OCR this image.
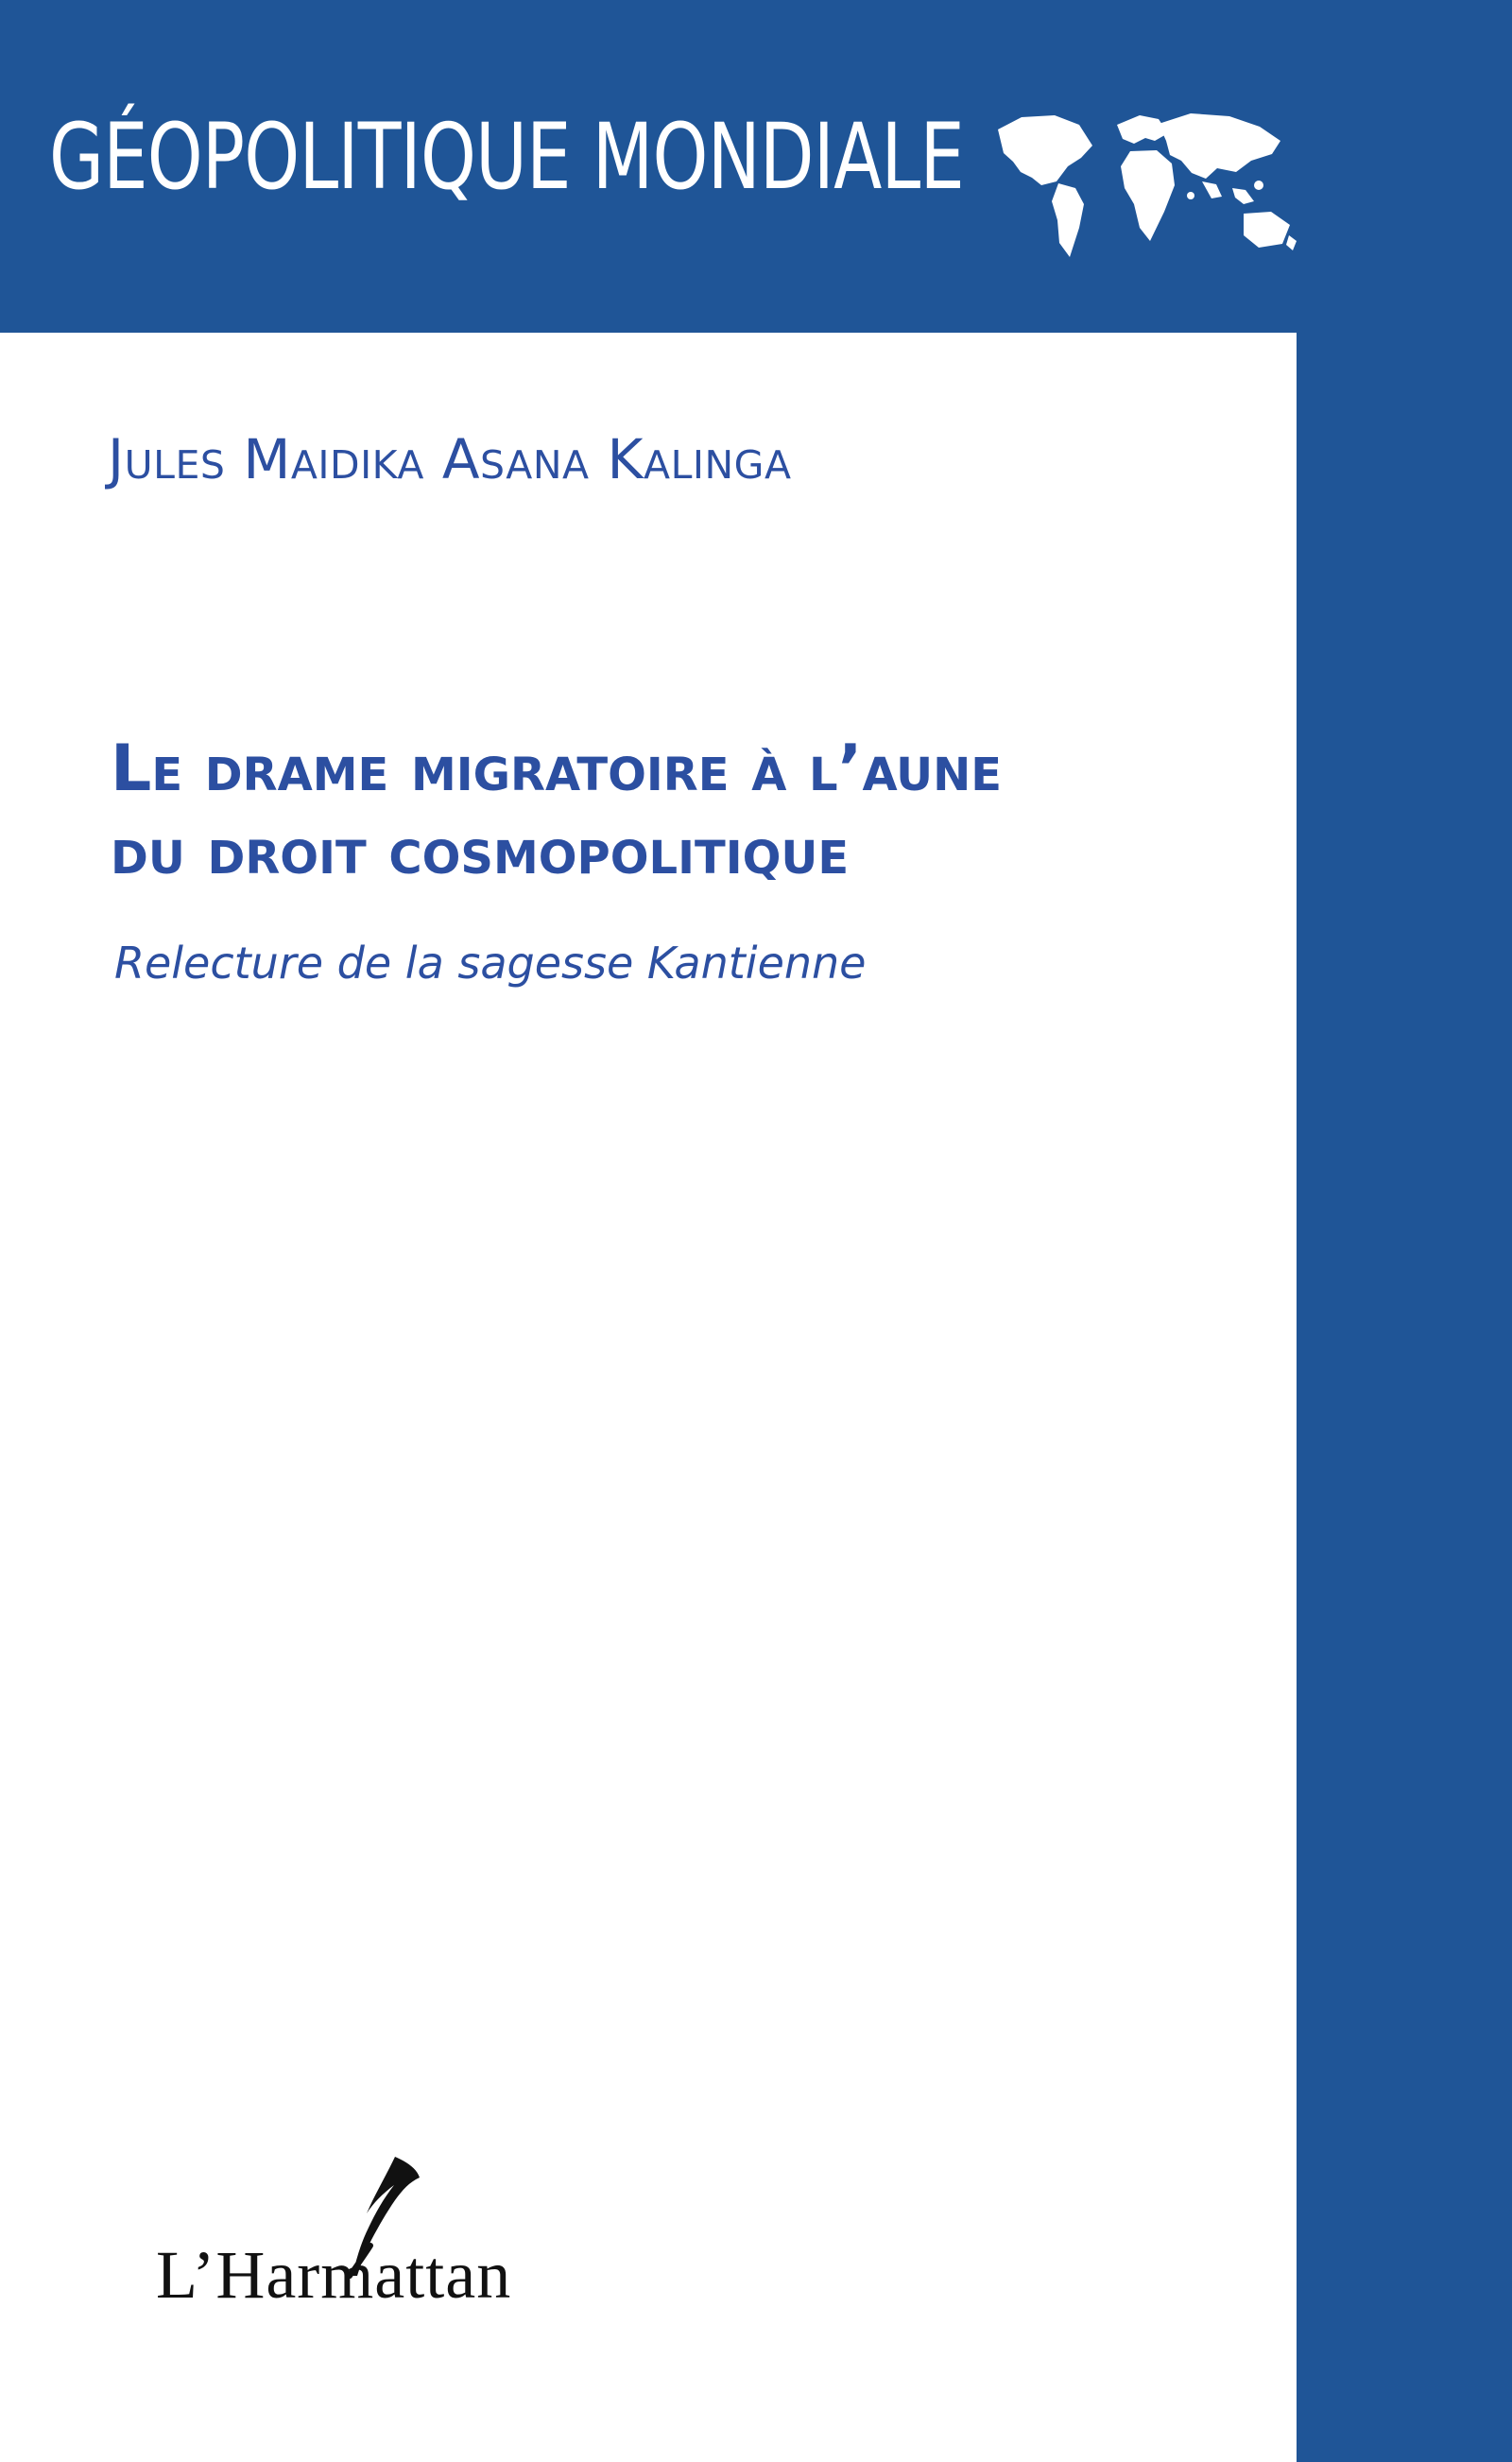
GÉOPOLITIQUE MONDIALE
Jules Maidika Asana Kalinga
Le drame migratoire à l’aune
du droit cosmopolitique
Relecture de la sagesse Kantienne
L’Harmattan
